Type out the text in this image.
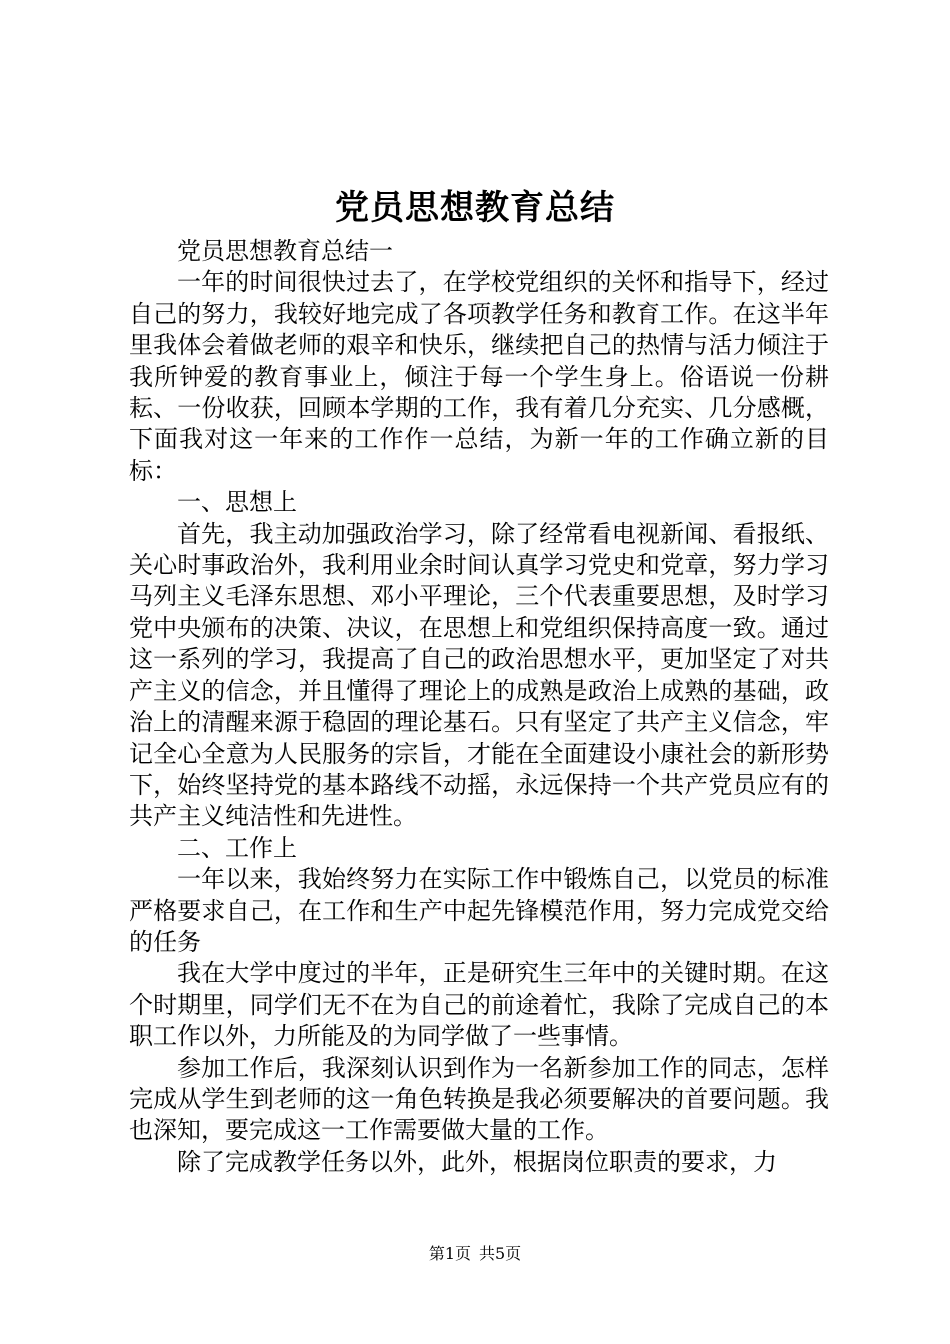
党员思想教育总结

党员思想教育总结一

一年的时间很快过去了，在学校党组织的关怀和指导下，经过自己的努力，我较好地完成了各项教学任务和教育工作。在这半年里我体会着做老师的艰辛和快乐，继续把自己的热情与活力倾注于我所钟爱的教育事业上，倾注于每一个学生身上。俗语说一份耕耘、一份收获，回顾本学期的工作，我有着几分充实、几分感概，下面我对这一年来的工作作一总结，为新一年的工作确立新的目标：

一、思想上

首先，我主动加强政治学习，除了经常看电视新闻、看报纸、关心时事政治外，我利用业余时间认真学习党史和党章，努力学习马列主义毛泽东思想、邓小平理论，三个代表重要思想，及时学习党中央颁布的决策、决议，在思想上和党组织保持高度一致。通过这一系列的学习，我提高了自己的政治思想水平，更加坚定了对共产主义的信念，并且懂得了理论上的成熟是政治上成熟的基础，政治上的清醒来源于稳固的理论基石。只有坚定了共产主义信念，牢记全心全意为人民服务的宗旨，才能在全面建设小康社会的新形势下，始终坚持党的基本路线不动摇，永远保持一个共产党员应有的共产主义纯洁性和先进性。

二、工作上

一年以来，我始终努力在实际工作中锻炼自己，以党员的标准严格要求自己，在工作和生产中起先锋模范作用，努力完成党交给的任务

我在大学中度过的半年，正是研究生三年中的关键时期。在这个时期里，同学们无不在为自己的前途着忙，我除了完成自己的本职工作以外，力所能及的为同学做了一些事情。

参加工作后，我深刻认识到作为一名新参加工作的同志，怎样完成从学生到老师的这一角色转换是我必须要解决的首要问题。我也深知，要完成这一工作需要做大量的工作。

除了完成教学任务以外，此外，根据岗位职责的要求，力

第1页 共5页
